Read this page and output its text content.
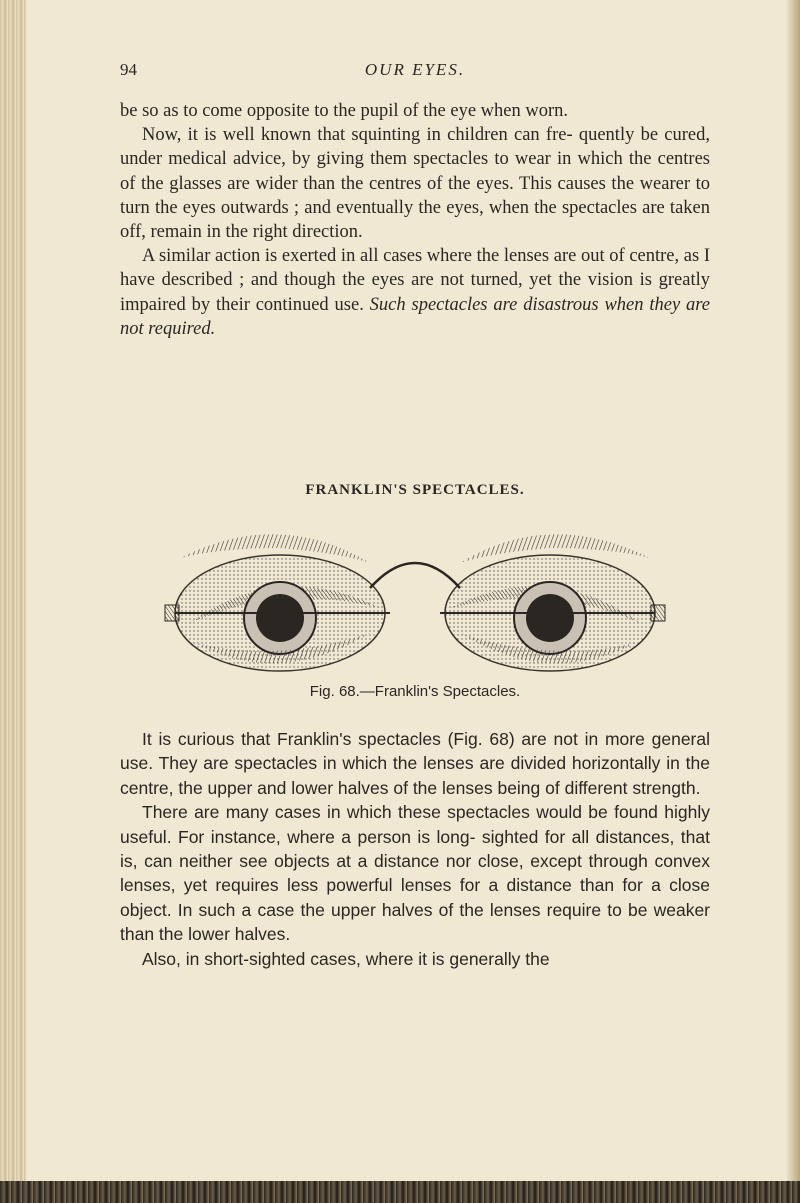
94	OUR EYES.

be so as to come opposite to the pupil of the eye when worn.

Now, it is well known that squinting in children can fre- quently be cured, under medical advice, by giving them spectacles to wear in which the centres of the glasses are wider than the centres of the eyes. This causes the wearer to turn the eyes outwards ; and eventually the eyes, when the spectacles are taken off, remain in the right direction.

A similar action is exerted in all cases where the lenses are out of centre, as I have described ; and though the eyes are not turned, yet the vision is greatly impaired by their continued use. Such spectacles are disastrous when they are not required.

FRANKLIN'S SPECTACLES.
Fig. 68.—Franklin's Spectacles.

It is curious that Franklin's spectacles (Fig. 68) are not in more general use. They are spectacles in which the lenses are divided horizontally in the centre, the upper and lower halves of the lenses being of different strength.

There are many cases in which these spectacles would be found highly useful. For instance, where a person is long- sighted for all distances, that is, can neither see objects at a distance nor close, except through convex lenses, yet requires less powerful lenses for a distance than for a close object. In such a case the upper halves of the lenses require to be weaker than the lower halves.

Also, in short-sighted cases, where it is generally the
